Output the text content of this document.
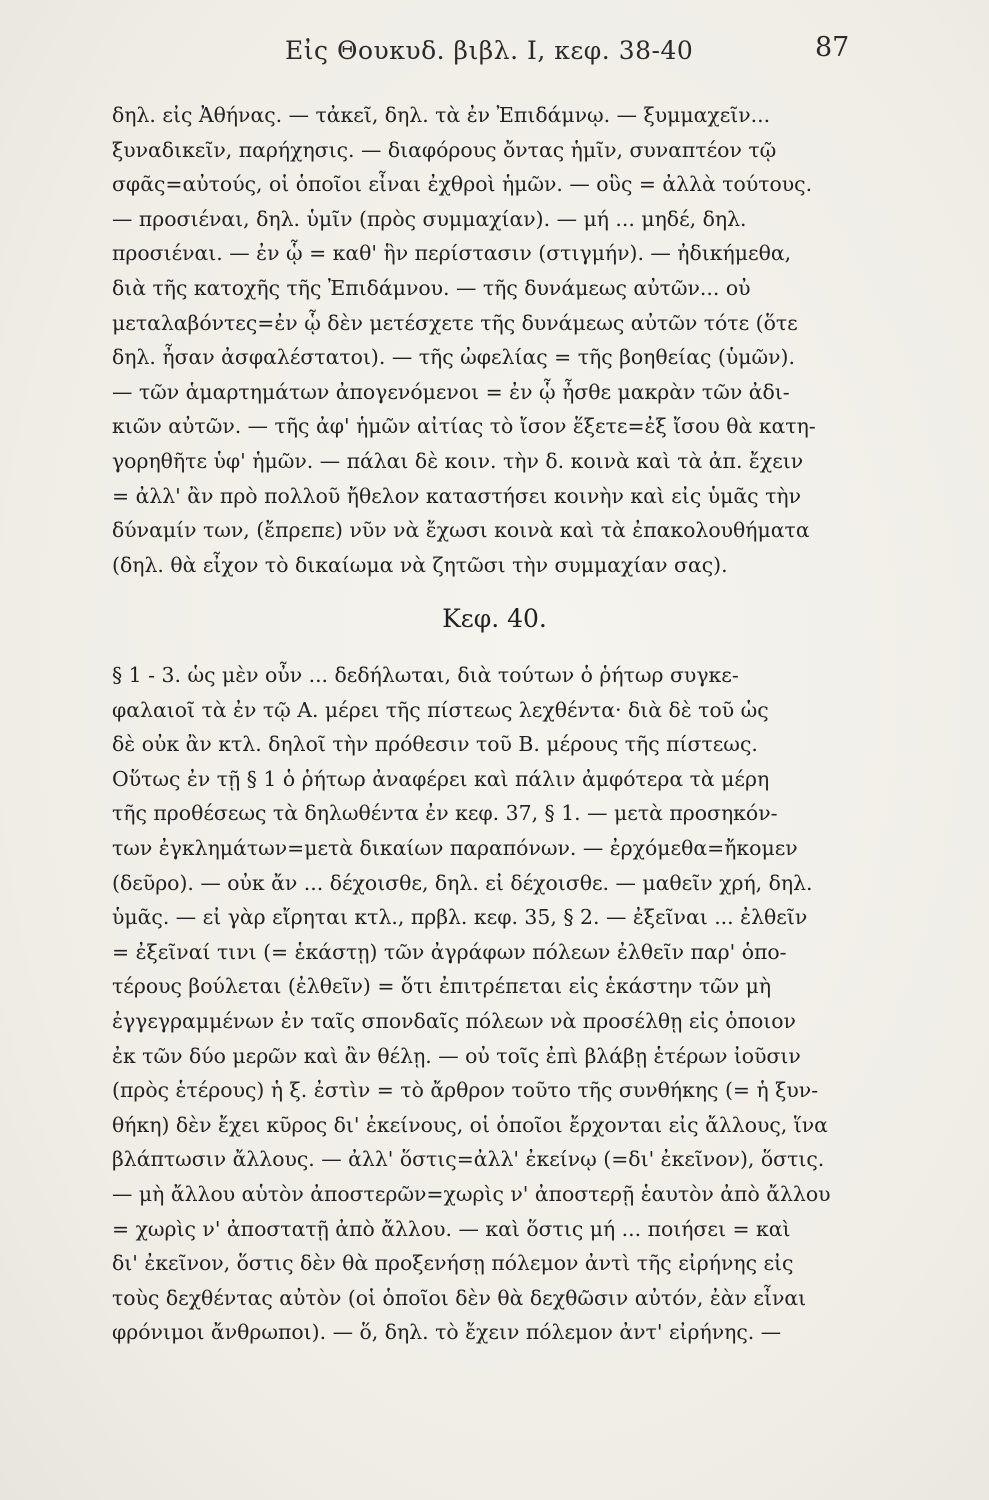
Εἰς Θουκυδ. βιβλ. Ι, κεφ. 38-40	87
δηλ. εἰς Ἀθήνας. — τἀκεῖ, δηλ. τὰ ἐν Ἐπιδάμνῳ. — ξυμμαχεῖν...
ξυναδικεῖν, παρήχησις. — διαφόρους ὄντας ἡμῖν, συναπτέον τῷ
σφᾶς=αὐτούς, οἱ ὁποῖοι εἶναι ἐχθροὶ ἡμῶν. — οὓς = ἀλλὰ τούτους.
— προσιέναι, δηλ. ὑμῖν (πρὸς συμμαχίαν). — μή ... μηδέ, δηλ.
προσιέναι. — ἐν ᾧ = καθ' ἣν περίστασιν (στιγμήν). — ἠδικήμεθα,
διὰ τῆς κατοχῆς τῆς Ἐπιδάμνου. — τῆς δυνάμεως αὐτῶν... οὐ
μεταλαβόντες=ἐν ᾧ δὲν μετέσχετε τῆς δυνάμεως αὐτῶν τότε (ὅτε
δηλ. ἦσαν ἀσφαλέστατοι). — τῆς ὠφελίας = τῆς βοηθείας (ὑμῶν).
— τῶν ἁμαρτημάτων ἀπογενόμενοι = ἐν ᾧ ἦσθε μακρὰν τῶν ἀδι-
κιῶν αὐτῶν. — τῆς ἀφ' ἡμῶν αἰτίας τὸ ἴσον ἕξετε=ἐξ ἴσου θὰ κατη-
γορηθῆτε ὑφ' ἡμῶν. — πάλαι δὲ κοιν. τὴν δ. κοινὰ καὶ τὰ ἀπ. ἔχειν
= ἀλλ' ἂν πρὸ πολλοῦ ἤθελον καταστήσει κοινὴν καὶ εἰς ὑμᾶς τὴν
δύναμίν των, (ἔπρεπε) νῦν νὰ ἔχωσι κοινὰ καὶ τὰ ἐπακολουθήματα
(δηλ. θὰ εἶχον τὸ δικαίωμα νὰ ζητῶσι τὴν συμμαχίαν σας).
Κεφ. 40.
§ 1 - 3. ὡς μὲν οὖν ... δεδήλωται, διὰ τούτων ὁ ῥήτωρ συγκε-
φαλαιοῖ τὰ ἐν τῷ Α. μέρει τῆς πίστεως λεχθέντα· διὰ δὲ τοῦ ὡς
δὲ οὐκ ἂν κτλ. δηλοῖ τὴν πρόθεσιν τοῦ Β. μέρους τῆς πίστεως.
Οὕτως ἐν τῇ § 1 ὁ ῥήτωρ ἀναφέρει καὶ πάλιν ἀμφότερα τὰ μέρη
τῆς προθέσεως τὰ δηλωθέντα ἐν κεφ. 37, § 1. — μετὰ προσηκόν-
των ἐγκλημάτων=μετὰ δικαίων παραπόνων. — ἐρχόμεθα=ἤκομεν
(δεῦρο). — οὐκ ἄν ... δέχοισθε, δηλ. εἰ δέχοισθε. — μαθεῖν χρή, δηλ.
ὑμᾶς. — εἰ γὰρ εἴρηται κτλ., πρβλ. κεφ. 35, § 2. — ἐξεῖναι ... ἐλθεῖν
= ἐξεῖναί τινι (= ἑκάστῃ) τῶν ἀγράφων πόλεων ἐλθεῖν παρ' ὁπο-
τέρους βούλεται (ἐλθεῖν) = ὅτι ἐπιτρέπεται εἰς ἑκάστην τῶν μὴ
ἐγγεγραμμένων ἐν ταῖς σπονδαῖς πόλεων νὰ προσέλθῃ εἰς ὁποιον
ἐκ τῶν δύο μερῶν καὶ ἂν θέλῃ. — οὐ τοῖς ἐπὶ βλάβῃ ἑτέρων ἰοῦσιν
(πρὸς ἑτέρους) ἡ ξ. ἐστὶν = τὸ ἄρθρον τοῦτο τῆς συνθήκης (= ἡ ξυν-
θήκη) δὲν ἔχει κῦρος δι' ἐκείνους, οἱ ὁποῖοι ἔρχονται εἰς ἄλλους, ἵνα
βλάπτωσιν ἄλλους. — ἀλλ' ὅστις=ἀλλ' ἐκείνῳ (=δι' ἐκεῖνον), ὅστις.
— μὴ ἄλλου αὑτὸν ἀποστερῶν=χωρὶς ν' ἀποστερῇ ἑαυτὸν ἀπὸ ἄλλου
= χωρὶς ν' ἀποστατῇ ἀπὸ ἄλλου. — καὶ ὅστις μή ... ποιήσει = καὶ
δι' ἐκεῖνον, ὅστις δὲν θὰ προξενήσῃ πόλεμον ἀντὶ τῆς εἰρήνης εἰς
τοὺς δεχθέντας αὐτὸν (οἱ ὁποῖοι δὲν θὰ δεχθῶσιν αὐτόν, ἐὰν εἶναι
φρόνιμοι ἄνθρωποι). — ὅ, δηλ. τὸ ἔχειν πόλεμον ἀντ' εἰρήνης. —
